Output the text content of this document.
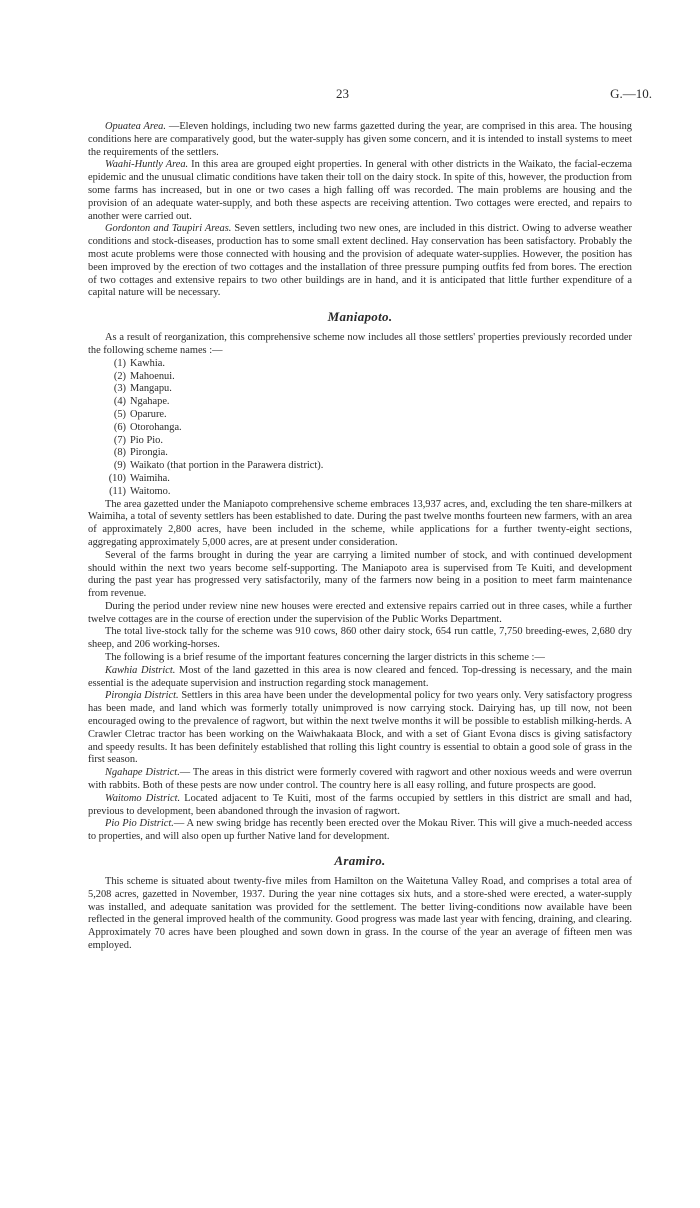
23	G.—10.

Opuatea Area. —Eleven holdings, including two new farms gazetted during the year, are comprised in this area. The housing conditions here are comparatively good, but the water-supply has given some concern, and it is intended to install systems to meet the requirements of the settlers.

Waahi-Huntly Area. In this area are grouped eight properties. In general with other districts in the Waikato, the facial-eczema epidemic and the unusual climatic conditions have taken their toll on the dairy stock. In spite of this, however, the production from some farms has increased, but in one or two cases a high falling off was recorded. The main problems are housing and the provision of an adequate water-supply, and both these aspects are receiving attention. Two cottages were erected, and repairs to another were carried out.

Gordonton and Taupiri Areas. Seven settlers, including two new ones, are included in this district. Owing to adverse weather conditions and stock-diseases, production has to some small extent declined. Hay conservation has been satisfactory. Probably the most acute problems were those connected with housing and the provision of adequate water-supplies. However, the position has been improved by the erection of two cottages and the installation of three pressure pumping outfits fed from bores. The erection of two cottages and extensive repairs to two other buildings are in hand, and it is anticipated that little further expenditure of a capital nature will be necessary.

Maniapoto.

As a result of reorganization, this comprehensive scheme now includes all those settlers' properties previously recorded under the following scheme names :—

(1) Kawhia.
(2) Mahoenui.
(3) Mangapu.
(4) Ngahape.
(5) Oparure.
(6) Otorohanga.
(7) Pio Pio.
(8) Pirongia.
(9) Waikato (that portion in the Parawera district).
(10) Waimiha.
(11) Waitomo.

The area gazetted under the Maniapoto comprehensive scheme embraces 13,937 acres, and, excluding the ten share-milkers at Waimiha, a total of seventy settlers has been established to date. During the past twelve months fourteen new farmers, with an area of approximately 2,800 acres, have been included in the scheme, while applications for a further twenty-eight sections, aggregating approximately 5,000 acres, are at present under consideration.

Several of the farms brought in during the year are carrying a limited number of stock, and with continued development should within the next two years become self-supporting. The Maniapoto area is supervised from Te Kuiti, and development during the past year has progressed very satisfactorily, many of the farmers now being in a position to meet farm maintenance from revenue.

During the period under review nine new houses were erected and extensive repairs carried out in three cases, while a further twelve cottages are in the course of erection under the supervision of the Public Works Department.

The total live-stock tally for the scheme was 910 cows, 860 other dairy stock, 654 run cattle, 7,750 breeding-ewes, 2,680 dry sheep, and 206 working-horses.

The following is a brief resume of the important features concerning the larger districts in this scheme :—

Kawhia District. Most of the land gazetted in this area is now cleared and fenced. Top-dressing is necessary, and the main essential is the adequate supervision and instruction regarding stock management.

Pirongia District. Settlers in this area have been under the developmental policy for two years only. Very satisfactory progress has been made, and land which was formerly totally unimproved is now carrying stock. Dairying has, up till now, not been encouraged owing to the prevalence of ragwort, but within the next twelve months it will be possible to establish milking-herds. A Crawler Cletrac tractor has been working on the Waiwhakaata Block, and with a set of Giant Evona discs is giving satisfactory and speedy results. It has been definitely established that rolling this light country is essential to obtain a good sole of grass in the first season.

Ngahape District.— The areas in this district were formerly covered with ragwort and other noxious weeds and were overrun with rabbits. Both of these pests are now under control. The country here is all easy rolling, and future prospects are good.

Waitomo District. Located adjacent to Te Kuiti, most of the farms occupied by settlers in this district are small and had, previous to development, been abandoned through the invasion of ragwort.

Pio Pio District.— A new swing bridge has recently been erected over the Mokau River. This will give a much-needed access to properties, and will also open up further Native land for development.

Aramiro.

This scheme is situated about twenty-five miles from Hamilton on the Waitetuna Valley Road, and comprises a total area of 5,208 acres, gazetted in November, 1937. During the year nine cottages six huts, and a store-shed were erected, a water-supply was installed, and adequate sanitation was provided for the settlement. The better living-conditions now available have been reflected in the general improved health of the community. Good progress was made last year with fencing, draining, and clearing. Approximately 70 acres have been ploughed and sown down in grass. In the course of the year an average of fifteen men was employed.
